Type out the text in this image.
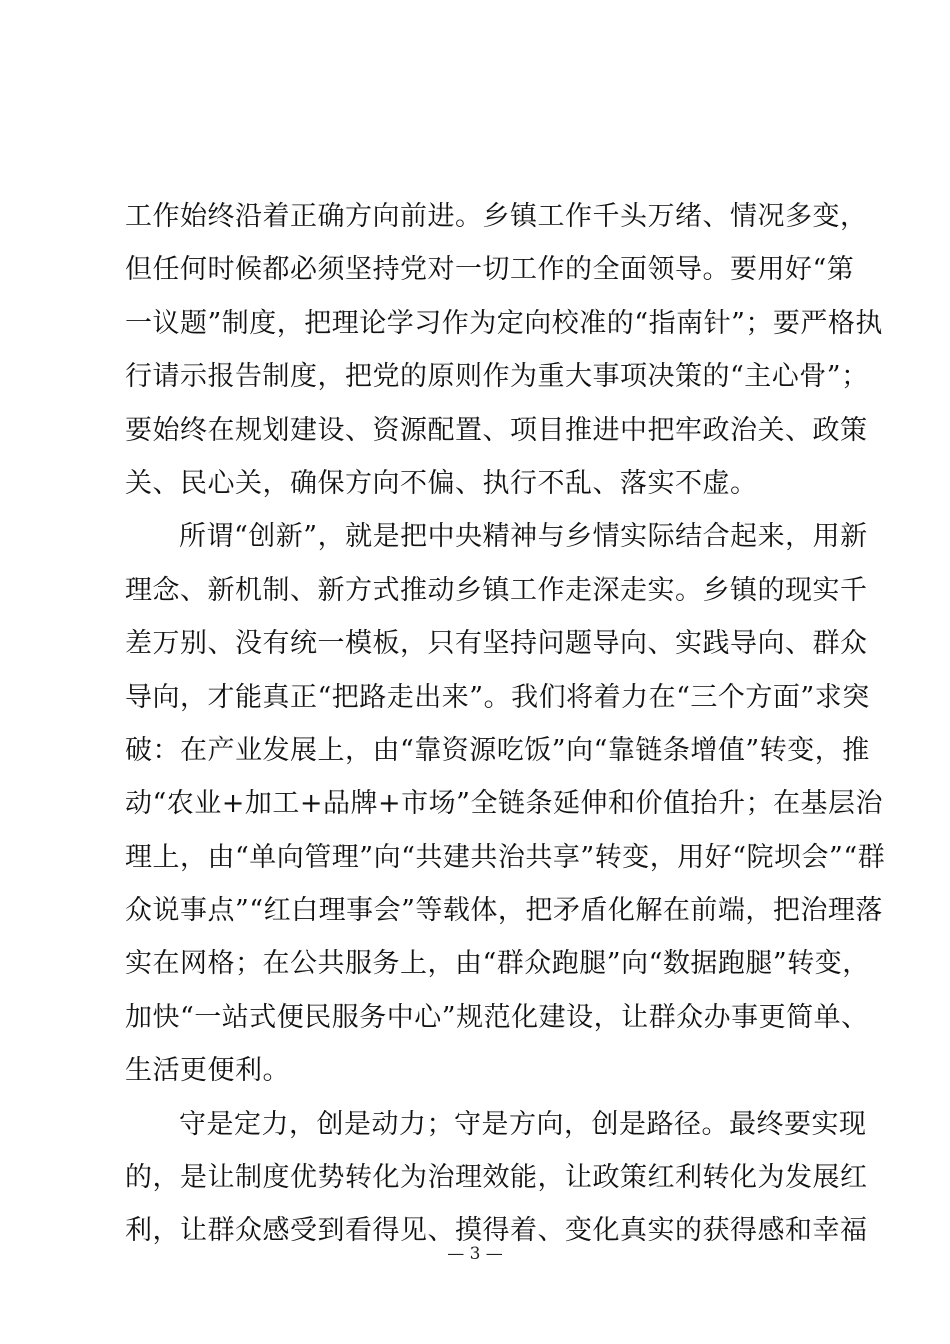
工作始终沿着正确方向前进。乡镇工作千头万绪、情况多变，
但任何时候都必须坚持党对一切工作的全面领导。要用好“第
一议题”制度，把理论学习作为定向校准的“指南针”；要严格执
行请示报告制度，把党的原则作为重大事项决策的“主心骨”；
要始终在规划建设、资源配置、项目推进中把牢政治关、政策
关、民心关，确保方向不偏、执行不乱、落实不虚。
所谓“创新”，就是把中央精神与乡情实际结合起来，用新
理念、新机制、新方式推动乡镇工作走深走实。乡镇的现实千
差万别、没有统一模板，只有坚持问题导向、实践导向、群众
导向，才能真正“把路走出来”。我们将着力在“三个方面”求突
破：在产业发展上，由“靠资源吃饭”向“靠链条增值”转变，推
动“农业+加工+品牌+市场”全链条延伸和价值抬升；在基层治
理上，由“单向管理”向“共建共治共享”转变，用好“院坝会”“群
众说事点”“红白理事会”等载体，把矛盾化解在前端，把治理落
实在网格；在公共服务上，由“群众跑腿”向“数据跑腿”转变，
加快“一站式便民服务中心”规范化建设，让群众办事更简单、
生活更便利。
守是定力，创是动力；守是方向，创是路径。最终要实现
的，是让制度优势转化为治理效能，让政策红利转化为发展红
利，让群众感受到看得见、摸得着、变化真实的获得感和幸福
— 3 —
